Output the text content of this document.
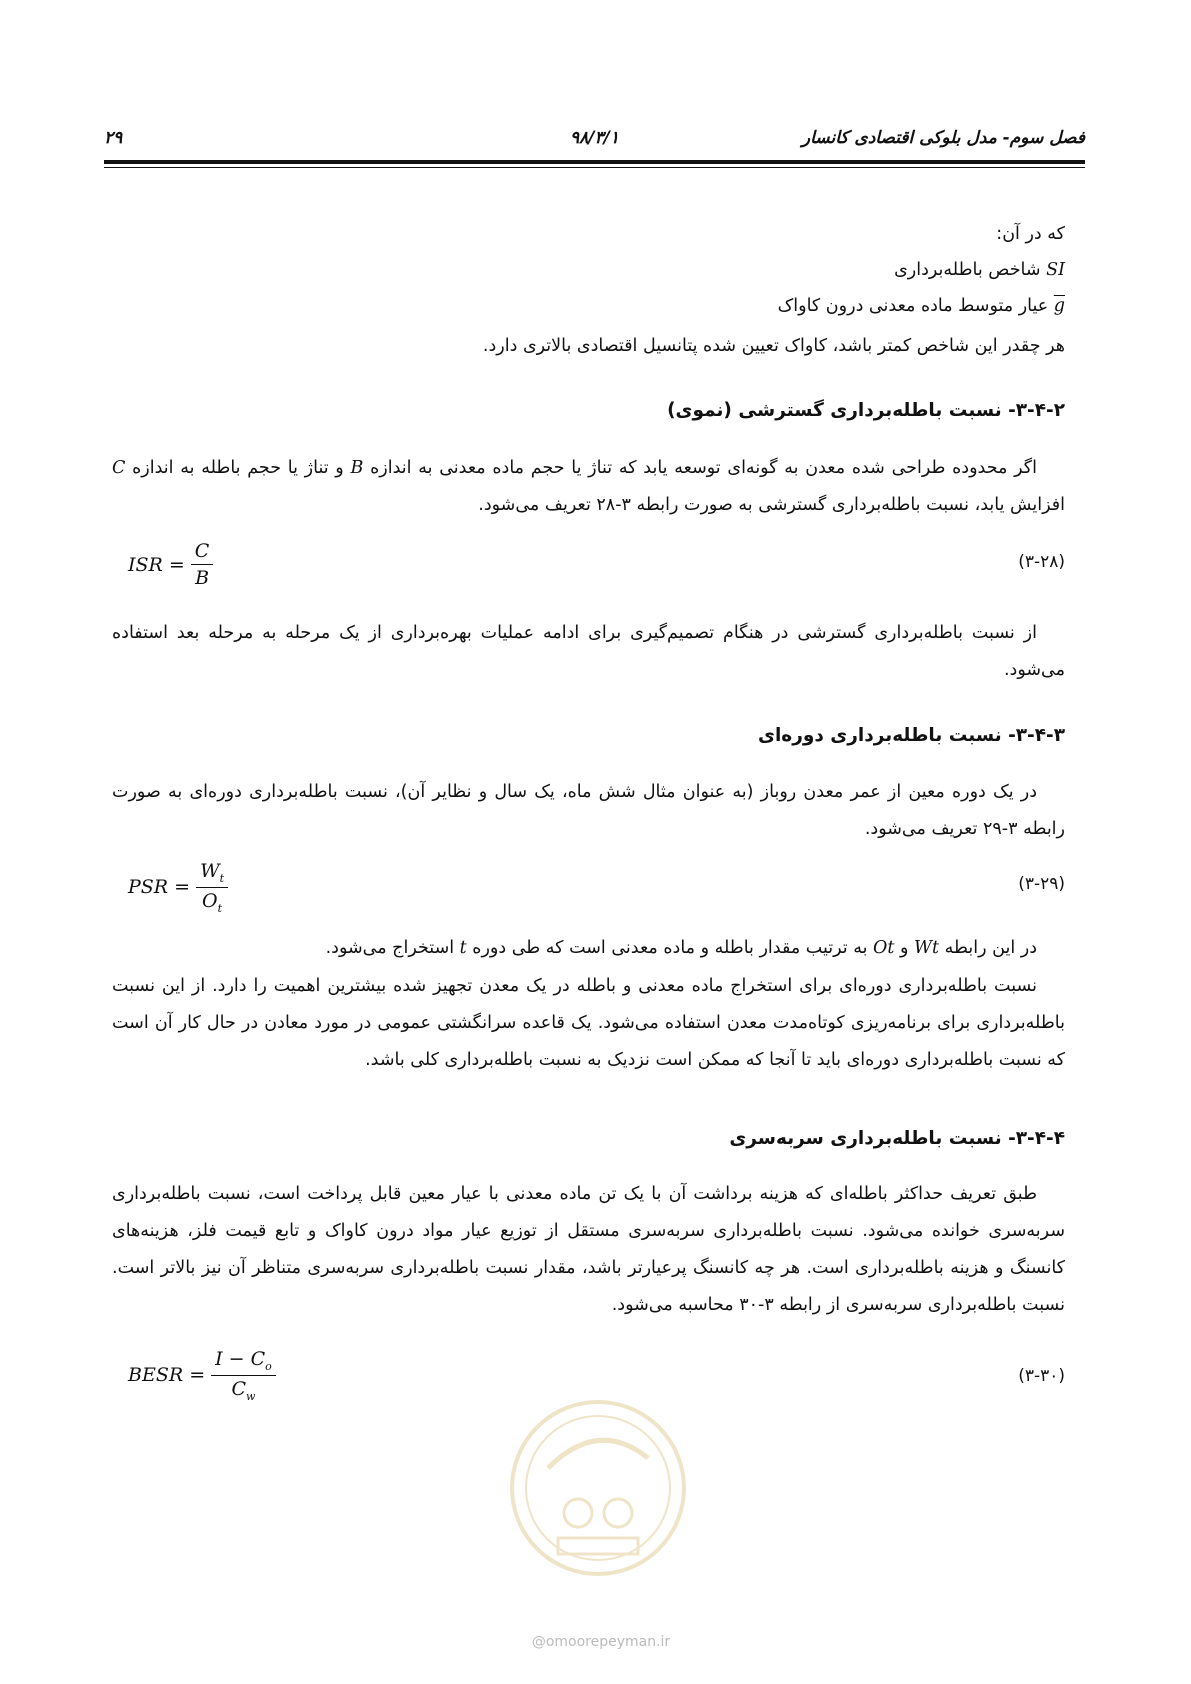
فصل سوم- مدل بلوکی اقتصادی کانسار
۹۸/۳/۱
۲۹
که در آن:
SI شاخص باطله‌برداری
$\overline{g}$ عیار متوسط ماده معدنی درون کاواک
هر چقدر این شاخص کمتر باشد، کاواک تعیین شده پتانسیل اقتصادی بالاتری دارد.
۳-۴-۲- نسبت باطله‌برداری گسترشی (نموی)
اگر محدوده طراحی شده معدن به گونه‌ای توسعه یابد که تناژ یا حجم ماده معدنی به اندازه B و تناژ یا حجم باطله به اندازه C افزایش یابد، نسبت باطله‌برداری گسترشی به صورت رابطه ۳-۲۸ تعریف می‌شود.
ISR = $\frac{C}{B}$	(۳-۲۸)
از نسبت باطله‌برداری گسترشی در هنگام تصمیم‌گیری برای ادامه عملیات بهره‌برداری از یک مرحله به مرحله بعد استفاده می‌شود.
۳-۴-۳- نسبت باطله‌برداری دوره‌ای
در یک دوره معین از عمر معدن روباز (به عنوان مثال شش ماه، یک سال و نظایر آن)، نسبت باطله‌برداری دوره‌ای به صورت رابطه ۳-۲۹ تعریف می‌شود.
PSR = $\frac{W_t}{O_t}$	(۳-۲۹)
در این رابطه Wt و Ot به ترتیب مقدار باطله و ماده معدنی است که طی دوره t استخراج می‌شود.
نسبت باطله‌برداری دوره‌ای برای استخراج ماده معدنی و باطله در یک معدن تجهیز شده بیشترین اهمیت را دارد. از این نسبت باطله‌برداری برای برنامه‌ریزی کوتاه‌مدت معدن استفاده می‌شود. یک قاعده سرانگشتی عمومی در مورد معادن در حال کار آن است که نسبت باطله‌برداری دوره‌ای باید تا آنجا که ممکن است نزدیک به نسبت باطله‌برداری کلی باشد.
۳-۴-۴- نسبت باطله‌برداری سربه‌سری
طبق تعریف حداکثر باطله‌ای که هزینه برداشت آن با یک تن ماده معدنی با عیار معین قابل پرداخت است، نسبت باطله‌برداری سربه‌سری خوانده می‌شود. نسبت باطله‌برداری سربه‌سری مستقل از توزیع عیار مواد درون کاواک و تابع قیمت فلز، هزینه‌های کانسنگ و هزینه باطله‌برداری است. هر چه کانسنگ پرعیارتر باشد، مقدار نسبت باطله‌برداری سربه‌سری متناظر آن نیز بالاتر است. نسبت باطله‌برداری سربه‌سری از رابطه ۳-۳۰ محاسبه می‌شود.
BESR = $\frac{I - C_o}{C_w}$	(۳-۳۰)
@omoorepeyman.ir
